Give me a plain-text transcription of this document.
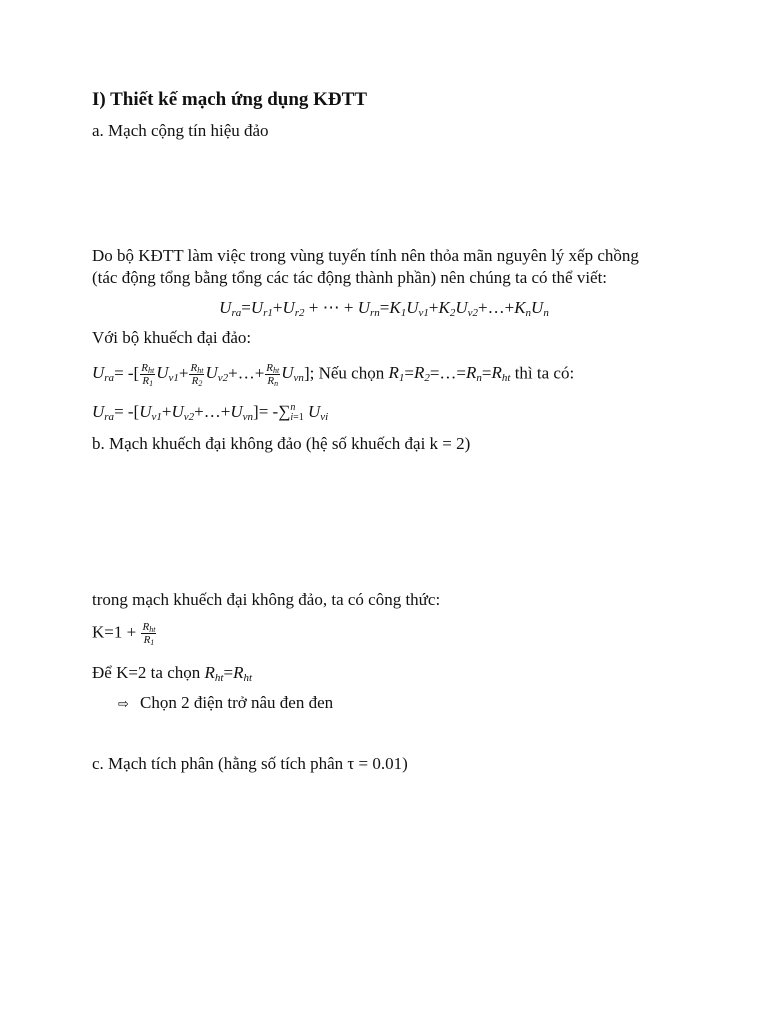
I) Thiết kế mạch ứng dụng KĐTT
a. Mạch cộng tín hiệu đảo
Do bộ KĐTT làm việc trong vùng tuyến tính nên thỏa mãn nguyên lý xếp chồng
(tác động tổng bằng tổng các tác động thành phần) nên chúng ta có thể viết:
$U_{ra}=U_{r1}+U_{r2}$ + ⋯ + $U_{rn}=K_1U_{v1}+K_2U_{v2}+\dots+K_nU_n$
Với bộ khuếch đại đảo:
$U_{ra}=$ -[ $\frac{R_{ht}}{R_1} U_{v1}+ \frac{R_{ht}}{R_2}$ $U_{v2}+\dots+ \frac{R_{ht}}{R_n} U_{vn}$]; Nếu chọn $R_1=R_2=\dots=R_n=R_{ht}$ thì ta có:
$U_{ra}=$ $-[U_{v1}+U_{v2}+\dots+U_{vn}]=$ -∑ n
i=1 $U_{vi}$
b. Mạch khuếch đại không đảo (hệ số khuếch đại k = 2)
trong mạch khuếch đại không đảo, ta có công thức:
$K=1 + \frac{R_{ht}}{R_1}$
Để K=2 ta chọn $R_{ht}=R_{ht}$
⇨ Chọn 2 điện trở nâu đen đen
c. Mạch tích phân (hằng số tích phân τ = 0.01)
